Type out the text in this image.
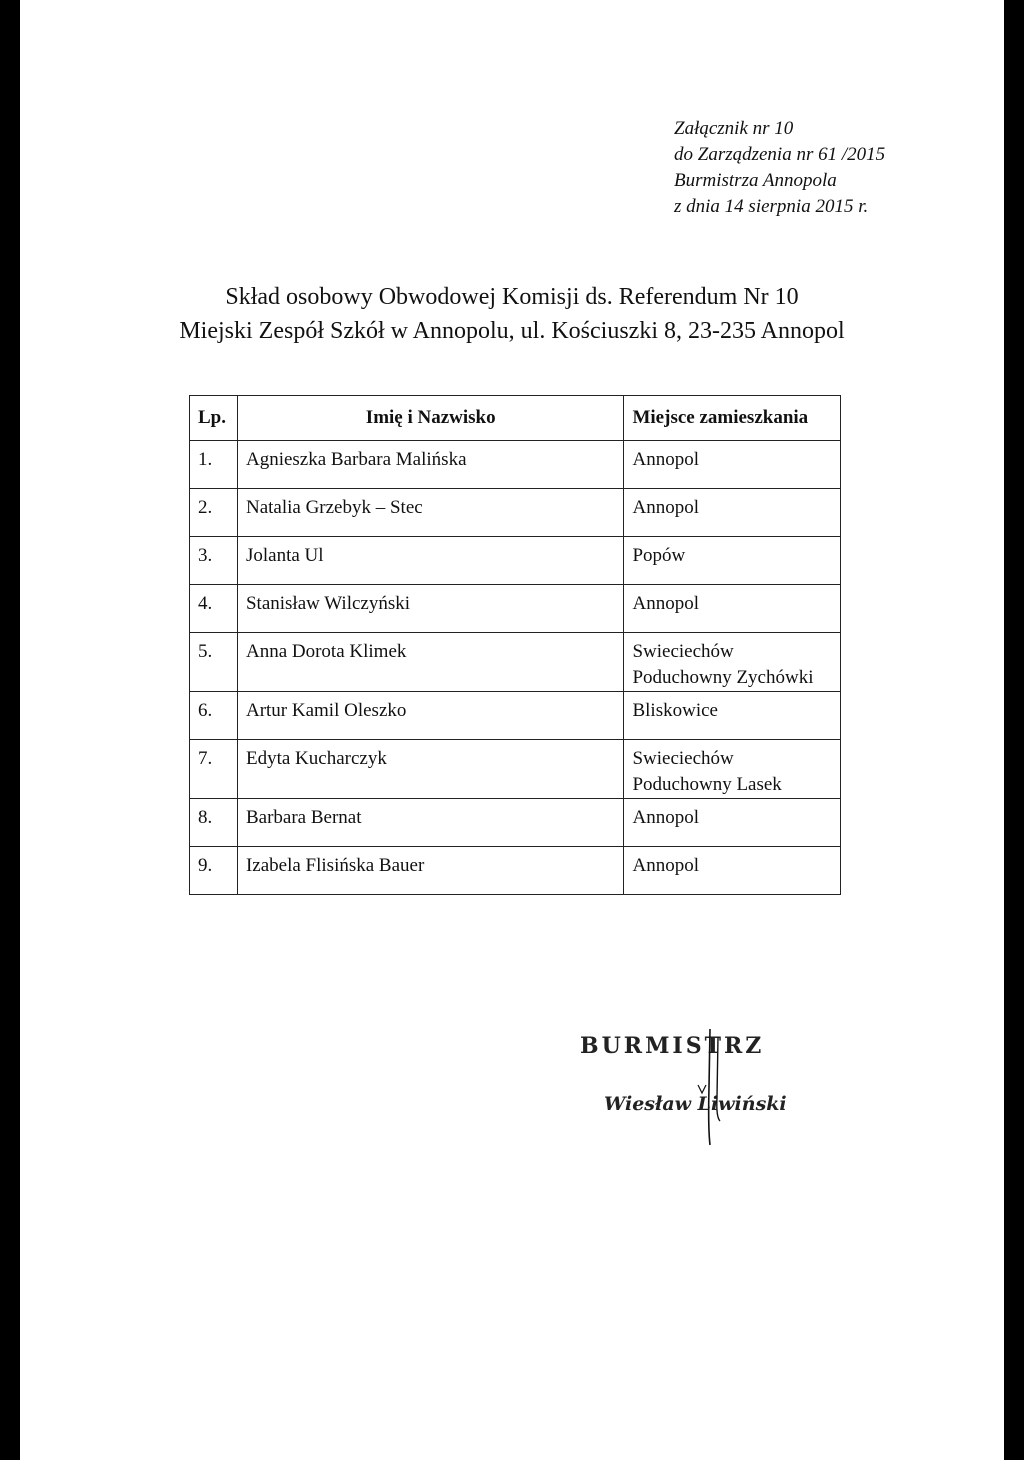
Załącznik nr 10
do Zarządzenia nr 61 /2015
Burmistrza Annopola
z dnia 14 sierpnia 2015 r.
Skład osobowy Obwodowej Komisji ds. Referendum Nr 10
Miejski Zespół Szkół w Annopolu, ul. Kościuszki 8, 23-235 Annopol
Lp.	Imię i Nazwisko	Miejsce zamieszkania
1.	Agnieszka Barbara Malińska	Annopol

2.	Natalia Grzebyk – Stec	Annopol

3.	Jolanta Ul	Popów

4.	Stanisław Wilczyński	Annopol

5.	Anna Dorota Klimek	Swieciechów
Poduchowny Zychówki

6.	Artur Kamil Oleszko	Bliskowice

7.	Edyta Kucharczyk	Swieciechów
Poduchowny Lasek

8.	Barbara Bernat	Annopol

9.	Izabela Flisińska Bauer	Annopol
BURMISTRZ
Wiesław Liwiński
